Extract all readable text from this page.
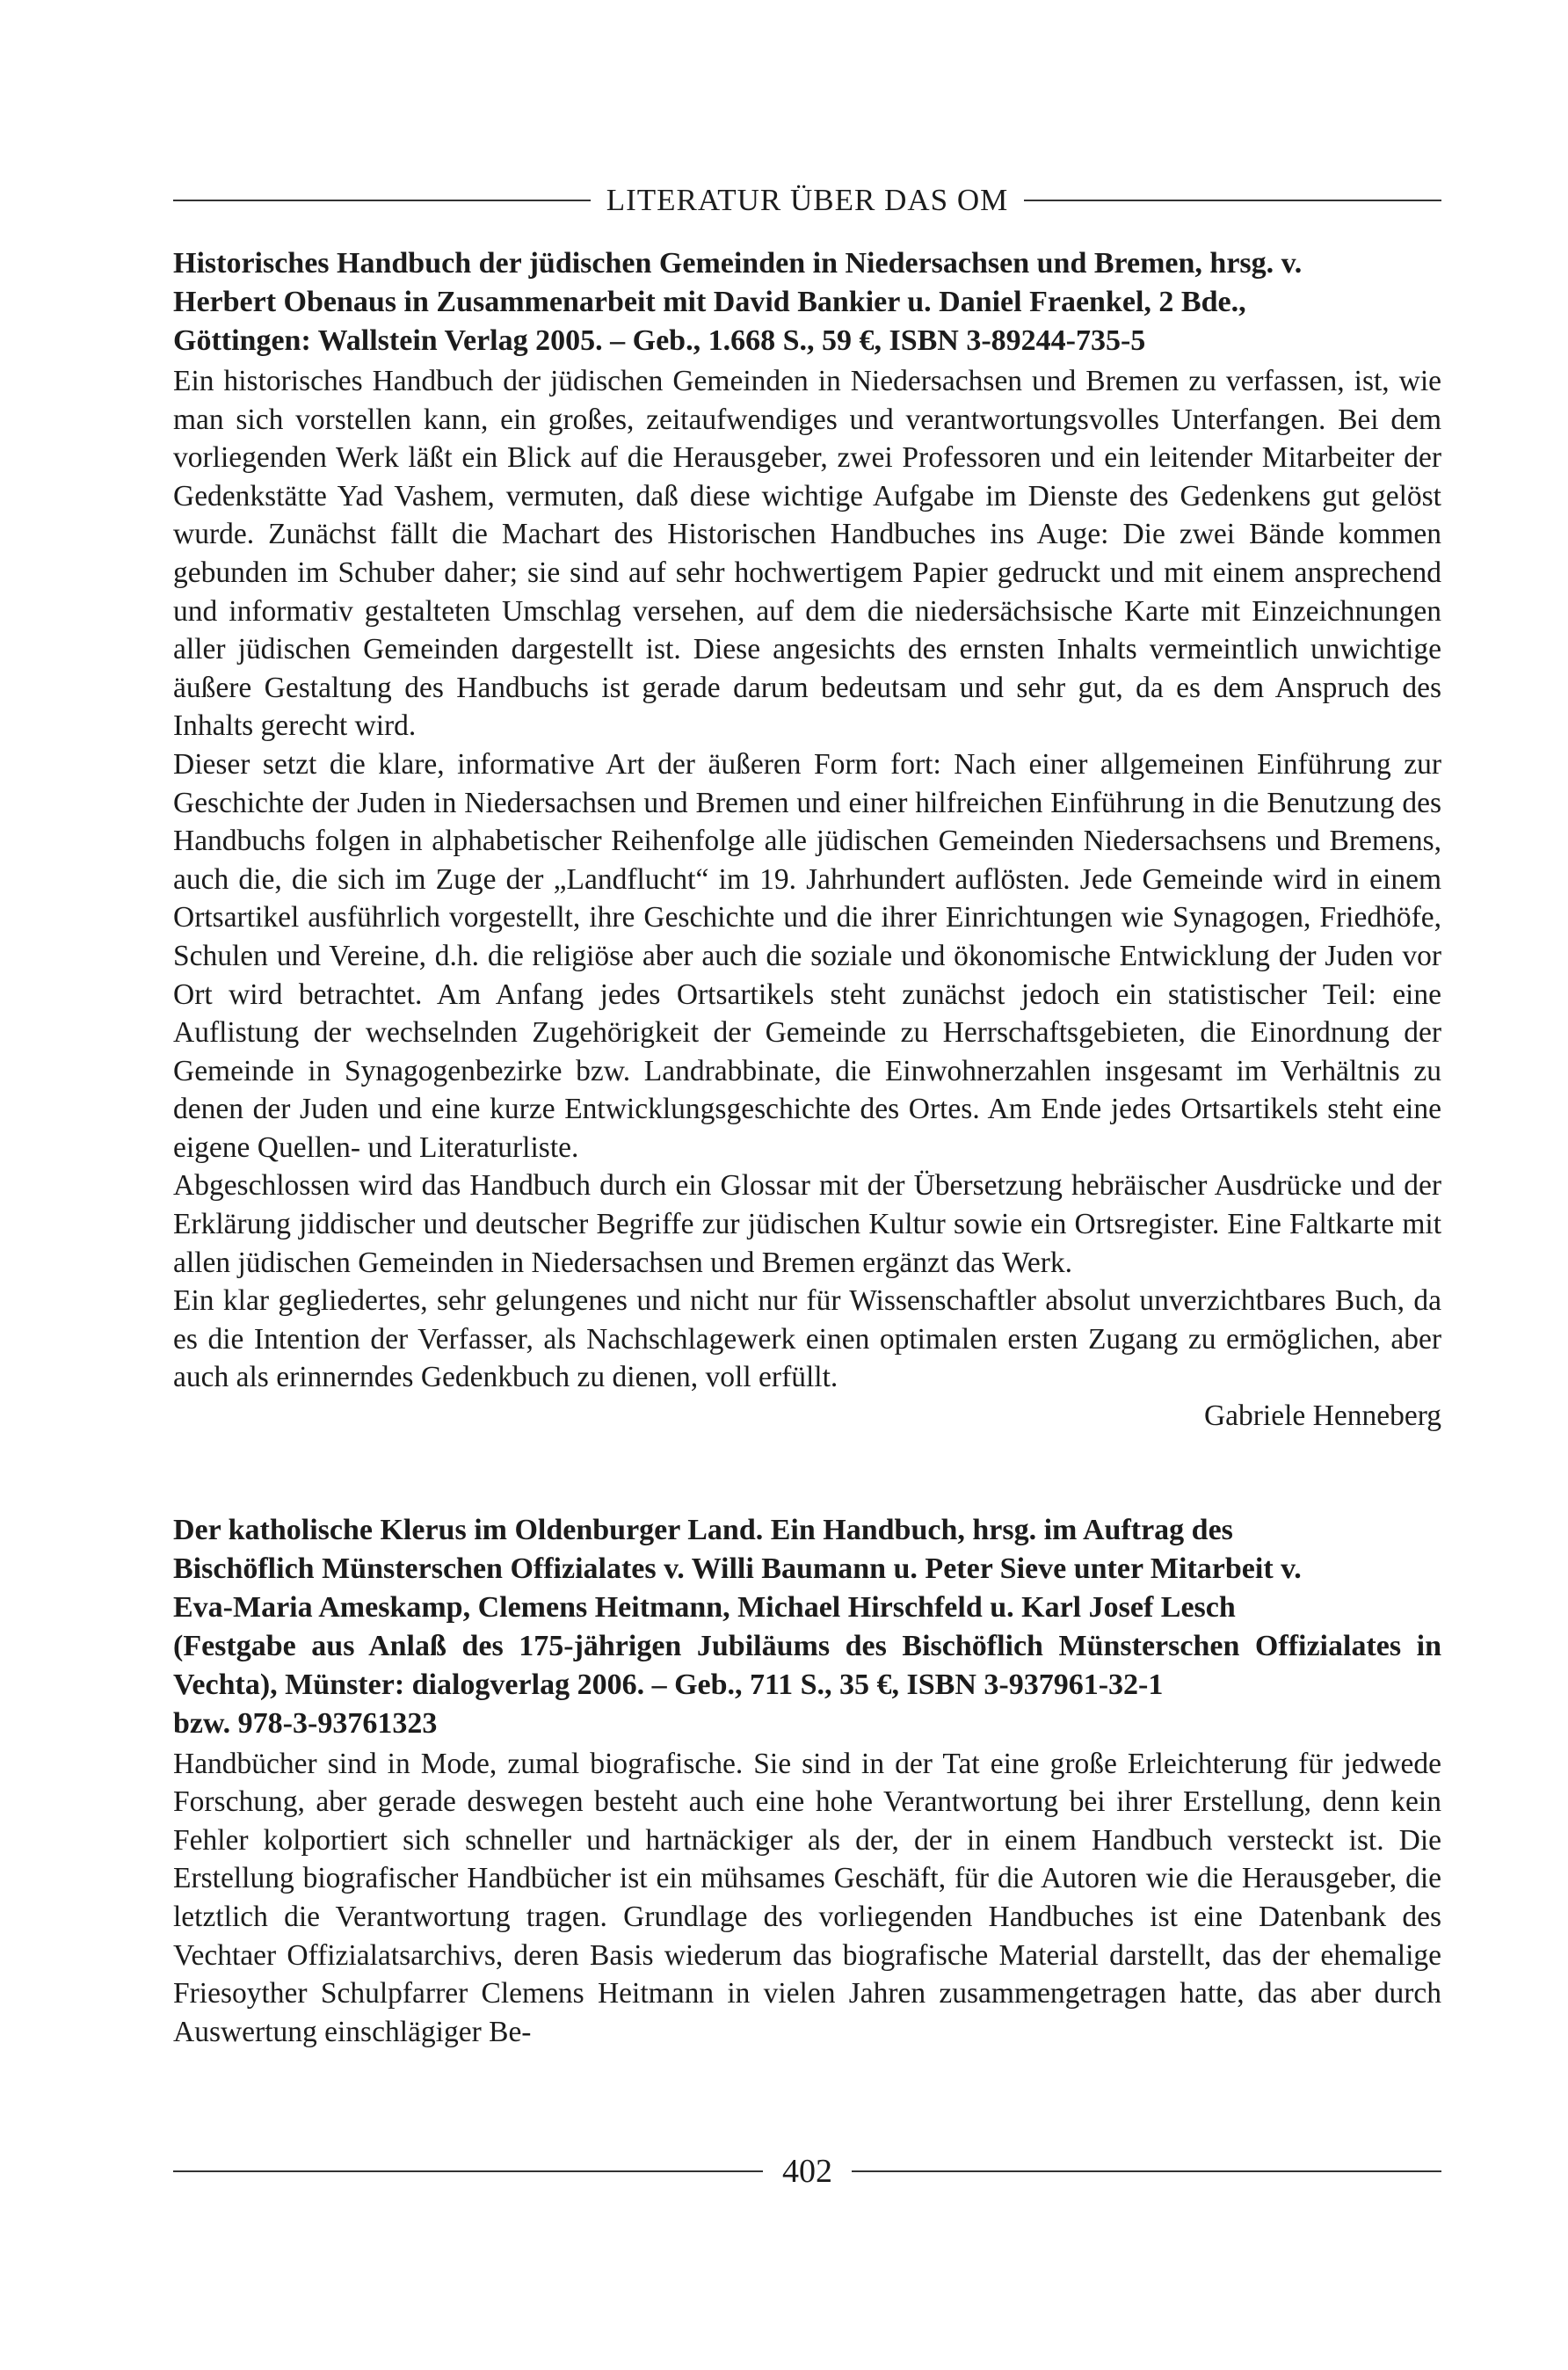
LITERATUR ÜBER DAS OM
Historisches Handbuch der jüdischen Gemeinden in Niedersachsen und Bremen, hrsg. v.
Herbert Obenaus in Zusammenarbeit mit David Bankier u. Daniel Fraenkel, 2 Bde.,
Göttingen: Wallstein Verlag 2005. – Geb., 1.668 S., 59 €, ISBN 3-89244-735-5

Ein historisches Handbuch der jüdischen Gemeinden in Niedersachsen und Bremen zu verfassen, ist, wie man sich vorstellen kann, ein großes, zeitaufwendiges und verantwortungsvolles Unterfangen. Bei dem vorliegenden Werk läßt ein Blick auf die Herausgeber, zwei Professoren und ein leitender Mitarbeiter der Gedenkstätte Yad Vashem, vermuten, daß diese wichtige Aufgabe im Dienste des Gedenkens gut gelöst wurde. Zunächst fällt die Machart des Historischen Handbuches ins Auge: Die zwei Bände kommen gebunden im Schuber daher; sie sind auf sehr hochwertigem Papier gedruckt und mit einem ansprechend und informativ gestalteten Umschlag versehen, auf dem die niedersächsische Karte mit Einzeichnungen aller jüdischen Gemeinden dargestellt ist. Diese angesichts des ernsten Inhalts vermeintlich unwichtige äußere Gestaltung des Handbuchs ist gerade darum bedeutsam und sehr gut, da es dem Anspruch des Inhalts gerecht wird.

Dieser setzt die klare, informative Art der äußeren Form fort: Nach einer allgemeinen Einführung zur Geschichte der Juden in Niedersachsen und Bremen und einer hilfreichen Einführung in die Benutzung des Handbuchs folgen in alphabetischer Reihenfolge alle jüdischen Gemeinden Niedersachsens und Bremens, auch die, die sich im Zuge der „Landflucht“ im 19. Jahrhundert auflösten. Jede Gemeinde wird in einem Ortsartikel ausführlich vorgestellt, ihre Geschichte und die ihrer Einrichtungen wie Synagogen, Friedhöfe, Schulen und Vereine, d.h. die religiöse aber auch die soziale und ökonomische Entwicklung der Juden vor Ort wird betrachtet. Am Anfang jedes Ortsartikels steht zunächst jedoch ein statistischer Teil: eine Auflistung der wechselnden Zugehörigkeit der Gemeinde zu Herrschaftsgebieten, die Einordnung der Gemeinde in Synagogenbezirke bzw. Landrabbinate, die Einwohnerzahlen insgesamt im Verhältnis zu denen der Juden und eine kurze Entwicklungsgeschichte des Ortes. Am Ende jedes Ortsartikels steht eine eigene Quellen- und Literaturliste.

Abgeschlossen wird das Handbuch durch ein Glossar mit der Übersetzung hebräischer Ausdrücke und der Erklärung jiddischer und deutscher Begriffe zur jüdischen Kultur sowie ein Ortsregister. Eine Faltkarte mit allen jüdischen Gemeinden in Niedersachsen und Bremen ergänzt das Werk.

Ein klar gegliedertes, sehr gelungenes und nicht nur für Wissenschaftler absolut unverzichtbares Buch, da es die Intention der Verfasser, als Nachschlagewerk einen optimalen ersten Zugang zu ermöglichen, aber auch als erinnerndes Gedenkbuch zu dienen, voll erfüllt.

Gabriele Henneberg

Der katholische Klerus im Oldenburger Land. Ein Handbuch, hrsg. im Auftrag des
Bischöflich Münsterschen Offizialates v. Willi Baumann u. Peter Sieve unter Mitarbeit v.
Eva-Maria Ameskamp, Clemens Heitmann, Michael Hirschfeld u. Karl Josef Lesch
(Festgabe aus Anlaß des 175-jährigen Jubiläums des Bischöflich Münsterschen Offizialates in Vechta), Münster: dialogverlag 2006. – Geb., 711 S., 35 €, ISBN 3-937961-32-1
bzw. 978-3-93761323

Handbücher sind in Mode, zumal biografische. Sie sind in der Tat eine große Erleichterung für jedwede Forschung, aber gerade deswegen besteht auch eine hohe Verantwortung bei ihrer Erstellung, denn kein Fehler kolportiert sich schneller und hartnäckiger als der, der in einem Handbuch versteckt ist. Die Erstellung biografischer Handbücher ist ein mühsames Geschäft, für die Autoren wie die Herausgeber, die letztlich die Verantwortung tragen. Grundlage des vorliegenden Handbuches ist eine Datenbank des Vechtaer Offizialatsarchivs, deren Basis wiederum das biografische Material darstellt, das der ehemalige Friesoyther Schulpfarrer Clemens Heitmann in vielen Jahren zusammengetragen hatte, das aber durch Auswertung einschlägiger Be-

402
